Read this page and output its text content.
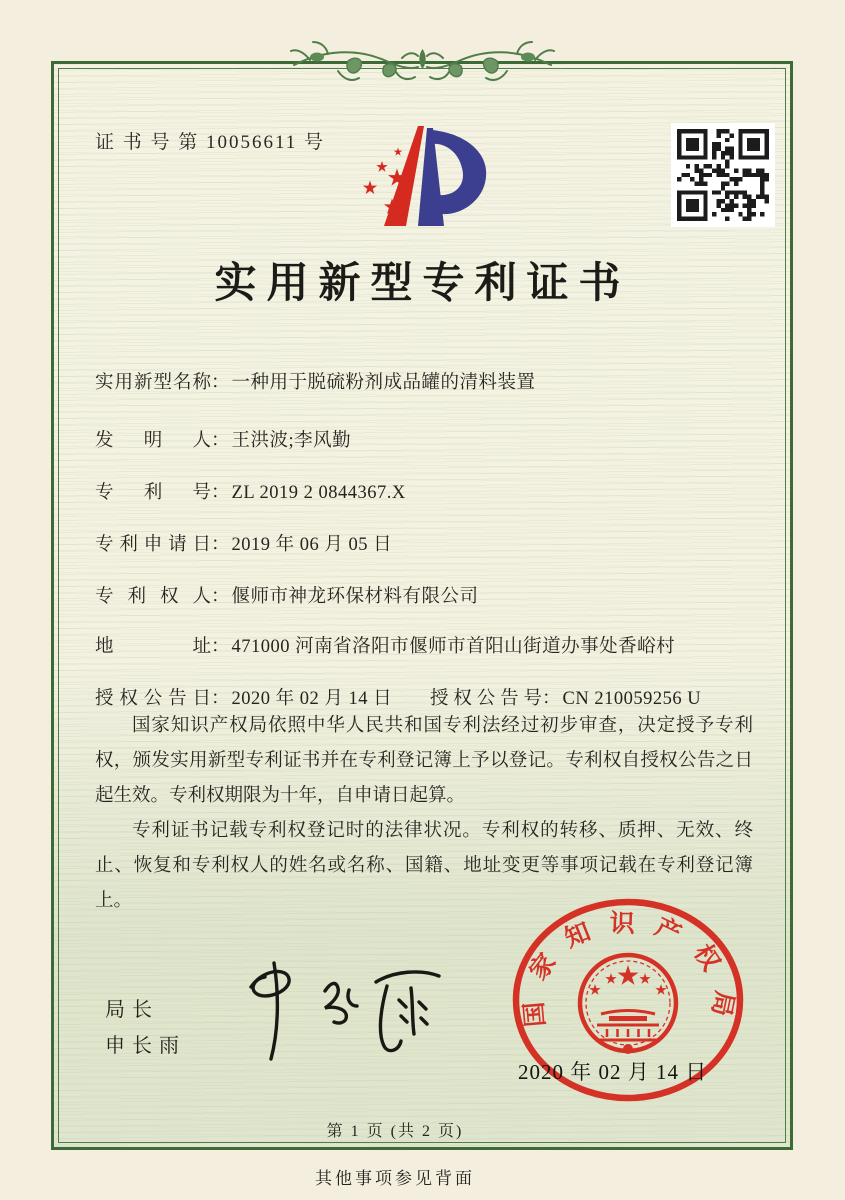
证 书 号 第 10056611 号
实用新型专利证书
实用新型名称： 一种用于脱硫粉剂成品罐的清料装置
发明人： 王洪波;李风勤
专利号： ZL 2019 2 0844367.X
专利申请日： 2019 年 06 月 05 日
专利权人： 偃师市神龙环保材料有限公司
地址： 471000 河南省洛阳市偃师市首阳山街道办事处香峪村
授权公告日： 2020 年 02 月 14 日 授权公告号： CN 210059256 U

国家知识产权局依照中华人民共和国专利法经过初步审查，决定授予专利权，颁发实用新型专利证书并在专利登记簿上予以登记。专利权自授权公告之日起生效。专利权期限为十年，自申请日起算。

专利证书记载专利权登记时的法律状况。专利权的转移、质押、无效、终止、恢复和专利权人的姓名或名称、国籍、地址变更等事项记载在专利登记簿上。

局长
申长雨
国家知识产权局
2020 年 02 月 14 日
第 1 页 (共 2 页)
其他事项参见背面
